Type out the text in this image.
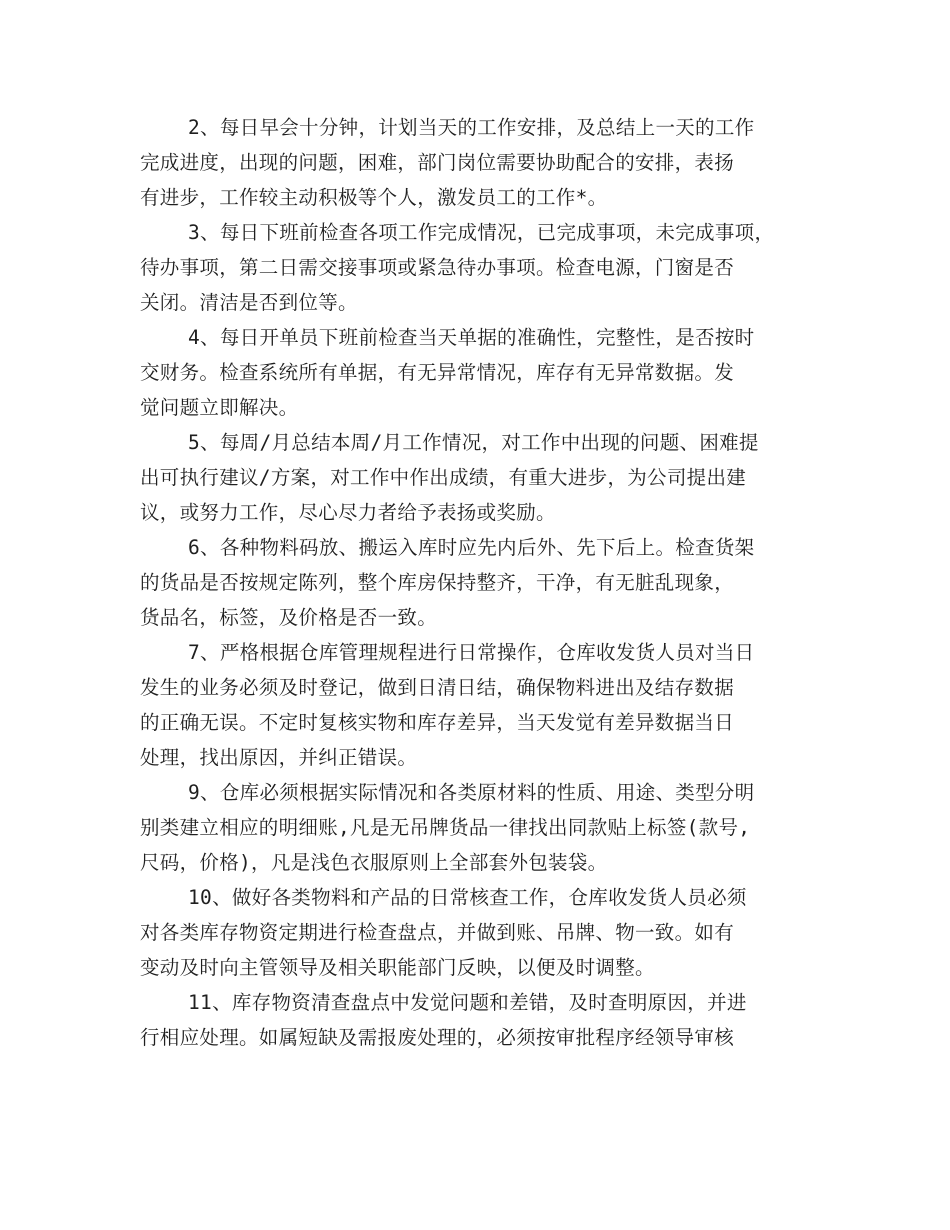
2、每日早会十分钟，计划当天的工作安排，及总结上一天的工作
完成进度，出现的问题，困难，部门岗位需要协助配合的安排，表扬
有进步，工作较主动积极等个人，激发员工的工作*。
3、每日下班前检查各项工作完成情况，已完成事项，未完成事项，
待办事项，第二日需交接事项或紧急待办事项。检查电源，门窗是否
关闭。清洁是否到位等。
4、每日开单员下班前检查当天单据的准确性，完整性，是否按时
交财务。检查系统所有单据，有无异常情况，库存有无异常数据。发
觉问题立即解决。
5、每周/月总结本周/月工作情况，对工作中出现的问题、困难提
出可执行建议/方案，对工作中作出成绩，有重大进步，为公司提出建
议，或努力工作，尽心尽力者给予表扬或奖励。
6、各种物料码放、搬运入库时应先内后外、先下后上。检查货架
的货品是否按规定陈列，整个库房保持整齐，干净，有无脏乱现象，
货品名，标签，及价格是否一致。
7、严格根据仓库管理规程进行日常操作，仓库收发货人员对当日
发生的业务必须及时登记，做到日清日结，确保物料进出及结存数据
的正确无误。不定时复核实物和库存差异，当天发觉有差异数据当日
处理，找出原因，并纠正错误。
9、仓库必须根据实际情况和各类原材料的性质、用途、类型分明
别类建立相应的明细账,凡是无吊牌货品一律找出同款贴上标签(款号,
尺码，价格)，凡是浅色衣服原则上全部套外包装袋。
10、做好各类物料和产品的日常核查工作，仓库收发货人员必须
对各类库存物资定期进行检查盘点，并做到账、吊牌、物一致。如有
变动及时向主管领导及相关职能部门反映，以便及时调整。
11、库存物资清查盘点中发觉问题和差错，及时查明原因，并进
行相应处理。如属短缺及需报废处理的，必须按审批程序经领导审核
